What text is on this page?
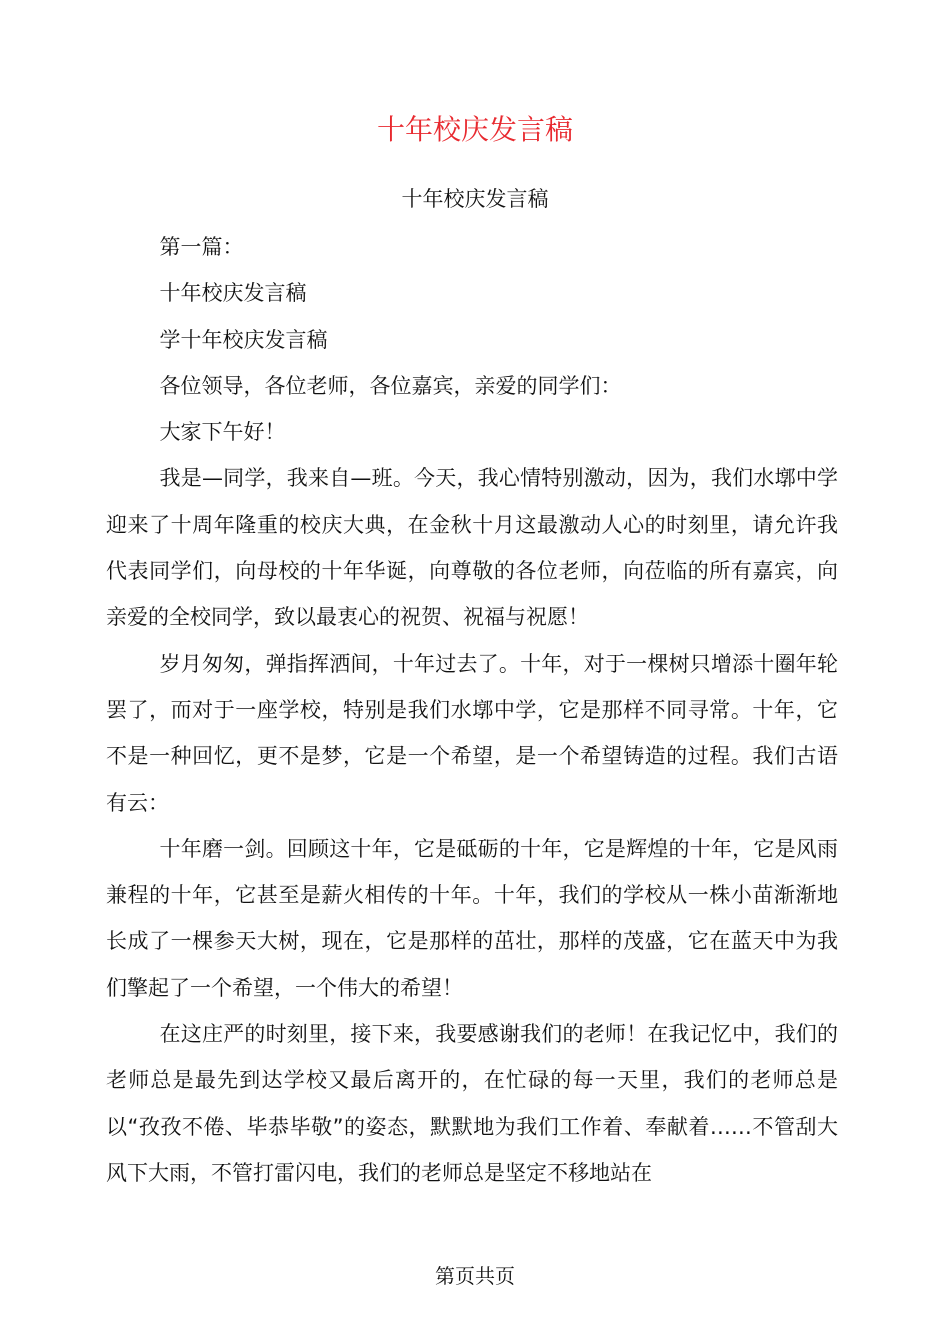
十年校庆发言稿
十年校庆发言稿

第一篇：

十年校庆发言稿

学十年校庆发言稿

各位领导，各位老师，各位嘉宾，亲爱的同学们：

大家下午好！

我是—同学，我来自—班。今天，我心情特别激动，因为，我们水墎中学迎来了十周年隆重的校庆大典，在金秋十月这最激动人心的时刻里，请允许我代表同学们，向母校的十年华诞，向尊敬的各位老师，向莅临的所有嘉宾，向亲爱的全校同学，致以最衷心的祝贺、祝福与祝愿！

岁月匆匆，弹指挥洒间，十年过去了。十年，对于一棵树只增添十圈年轮罢了，而对于一座学校，特别是我们水墎中学，它是那样不同寻常。十年，它不是一种回忆，更不是梦，它是一个希望，是一个希望铸造的过程。我们古语有云：

十年磨一剑。回顾这十年，它是砥砺的十年，它是辉煌的十年，它是风雨兼程的十年，它甚至是薪火相传的十年。十年，我们的学校从一株小苗渐渐地长成了一棵参天大树，现在，它是那样的茁壮，那样的茂盛，它在蓝天中为我们擎起了一个希望，一个伟大的希望！

在这庄严的时刻里，接下来，我要感谢我们的老师！在我记忆中，我们的老师总是最先到达学校又最后离开的，在忙碌的每一天里，我们的老师总是以“孜孜不倦、毕恭毕敬”的姿态，默默地为我们工作着、奉献着……不管刮大风下大雨，不管打雷闪电，我们的老师总是坚定不移地站在

第页共页
